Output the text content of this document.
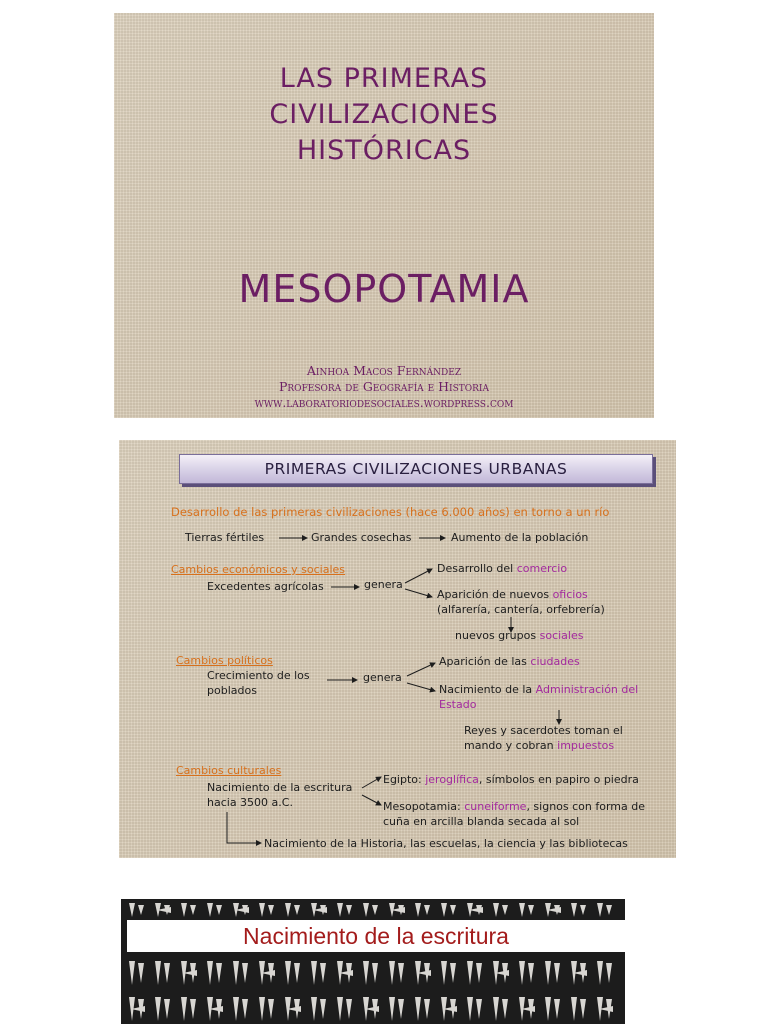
LAS PRIMERAS
CIVILIZACIONES
HISTÓRICAS
MESOPOTAMIA
Ainhoa Macos Fernández
Profesora de Geografía e Historia
www.laboratoriodesociales.wordpress.com
PRIMERAS CIVILIZACIONES URBANAS
Desarrollo de las primeras civilizaciones (hace 6.000 años) en torno a un río
Tierras fértiles	Grandes cosechas	Aumento de la población
Cambios económicos y sociales
Excedentes agrícolas	genera
Desarrollo del comercio
Aparición de nuevos oficios
(alfarería, cantería, orfebrería)
nuevos grupos sociales
Cambios políticos
Crecimiento de los
poblados
genera
Aparición de las ciudades
Nacimiento de la Administración del
Estado
Reyes y sacerdotes toman el
mando y cobran impuestos
Cambios culturales
Nacimiento de la escritura
hacia 3500 a.C.
Egipto: jeroglífica, símbolos en papiro o piedra
Mesopotamia: cuneiforme, signos con forma de
cuña en arcilla blanda secada al sol
Nacimiento de la Historia, las escuelas, la ciencia y las bibliotecas
Nacimiento de la escritura
